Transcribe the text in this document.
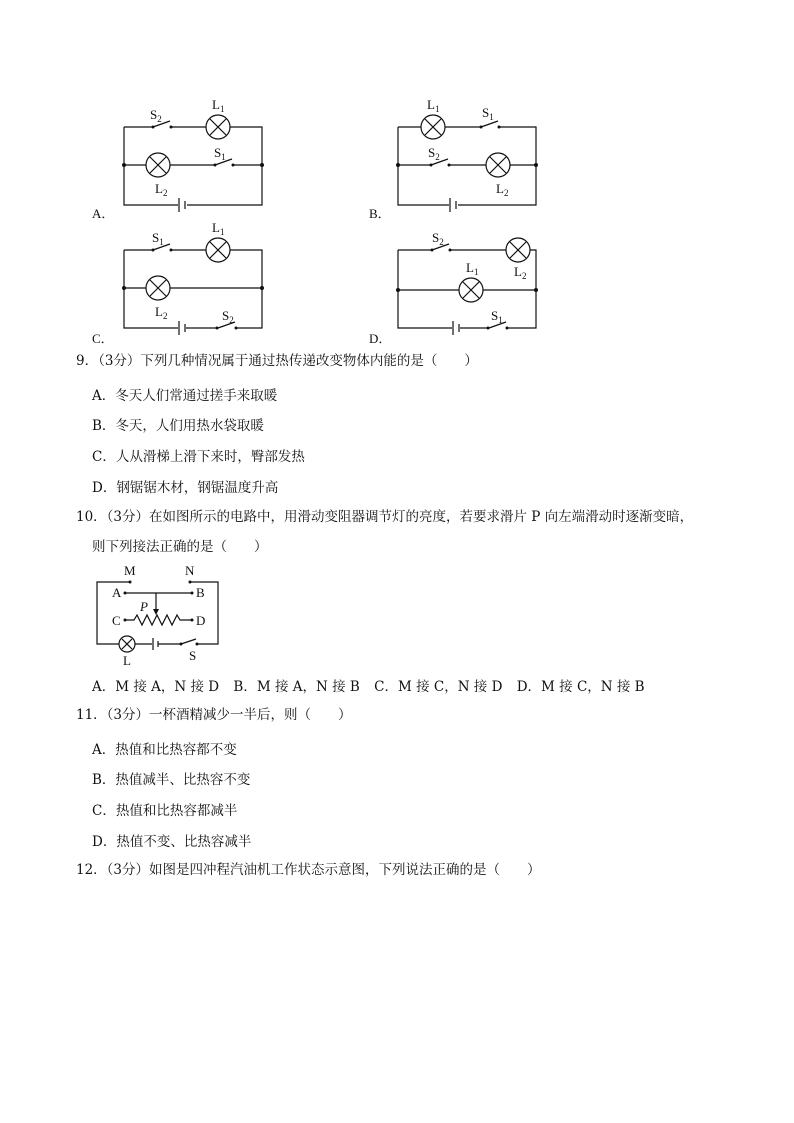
A．
$S_2$
$L_1$
$S_1$
$L_2$
B．
$L_1$	$S_1$
$S_2$
$L_2$
C．
$S_1$
$L_1$
$L_2$	$S_2$
D．
$S_2$
$L_1$	$L_2$
$S_1$
9．（3分）下列几种情况属于通过热传递改变物体内能的是（　　）
A．冬天人们常通过搓手来取暖
B．冬天，人们用热水袋取暖
C．人从滑梯上滑下来时，臀部发热
D．钢锯锯木材，钢锯温度升高
10．（3分）在如图所示的电路中，用滑动变阻器调节灯的亮度，若要求滑片 P 向左端滑动时逐渐变暗，
则下列接法正确的是（　　）
M	N
A	B
P
C	D
L	S
A．M 接 A，N 接 D B．M 接 A，N 接 B C．M 接 C，N 接 D D．M 接 C，N 接 B
11．（3分）一杯酒精减少一半后，则（　　）
A．热值和比热容都不变
B．热值减半、比热容不变
C．热值和比热容都减半
D．热值不变、比热容减半
12．（3分）如图是四冲程汽油机工作状态示意图，下列说法正确的是（　　）
